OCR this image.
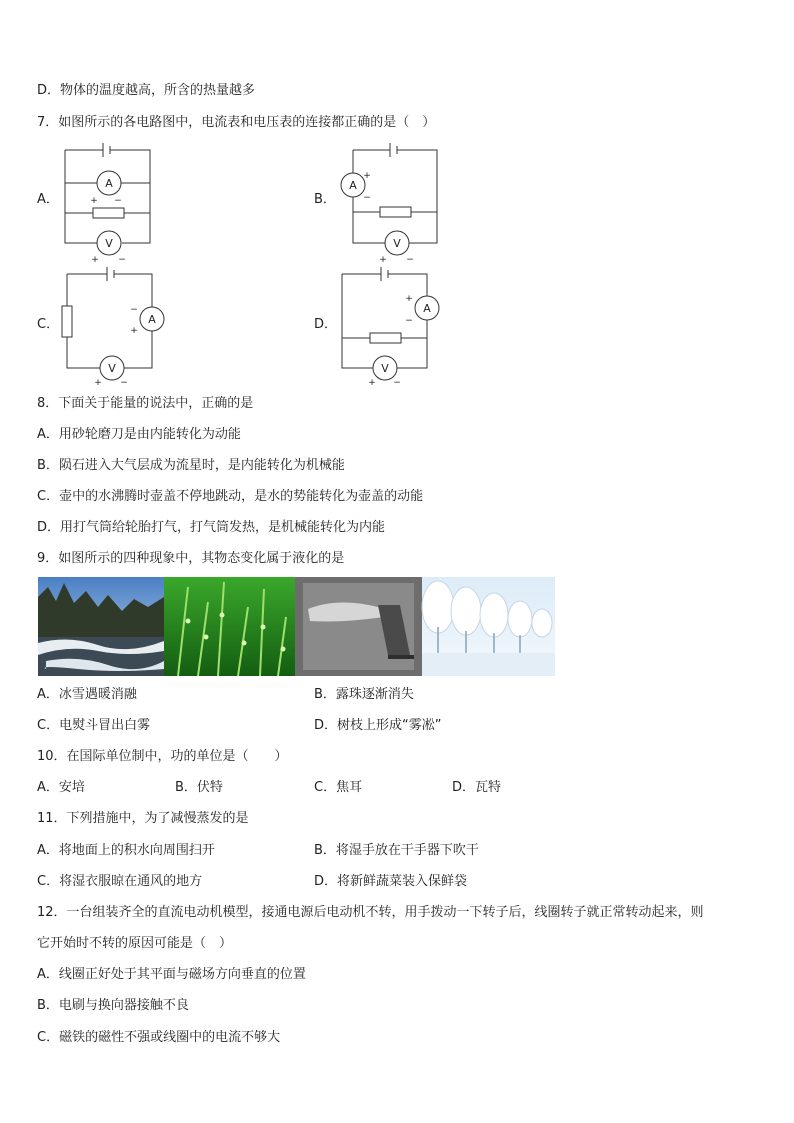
D．物体的温度越高，所含的热量越多
7．如图所示的各电路图中，电流表和电压表的连接都正确的是（　）
A．	B．
C．	D．
A
V
A
V
A
V
A
V
+ −
+ −
+
−
+ −
−
+
+ −
+
−
+ −
8．下面关于能量的说法中，正确的是
A．用砂轮磨刀是由内能转化为动能
B．陨石进入大气层成为流星时，是内能转化为机械能
C．壶中的水沸腾时壶盖不停地跳动，是水的势能转化为壶盖的动能
D．用打气筒给轮胎打气，打气筒发热，是机械能转化为内能
9．如图所示的四种现象中，其物态变化属于液化的是
A．冰雪遇暖消融	B．露珠逐渐消失
C．电熨斗冒出白雾	D．树枝上形成“雾凇”
10．在国际单位制中，功的单位是（　　）
A．安培	B．伏特	C．焦耳	D．瓦特
11．下列措施中，为了减慢蒸发的是
A．将地面上的积水向周围扫开	B．将湿手放在干手器下吹干
C．将湿衣服晾在通风的地方	D．将新鲜蔬菜装入保鲜袋
12．一台组装齐全的直流电动机模型，接通电源后电动机不转，用手拨动一下转子后，线圈转子就正常转动起来，则
它开始时不转的原因可能是（　）
A．线圈正好处于其平面与磁场方向垂直的位置
B．电刷与换向器接触不良
C．磁铁的磁性不强或线圈中的电流不够大
